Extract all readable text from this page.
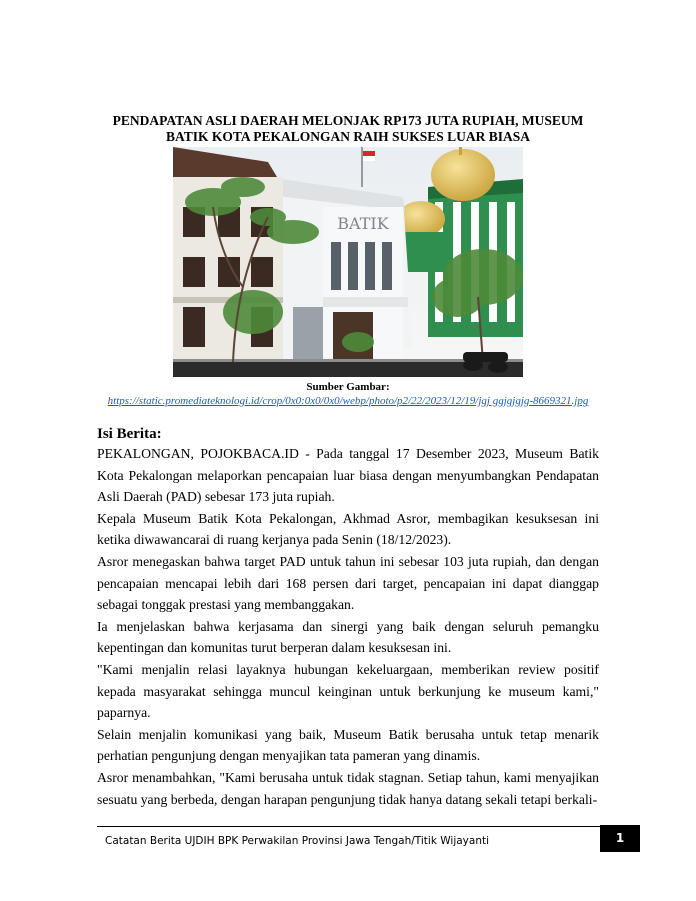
PENDAPATAN ASLI DAERAH MELONJAK RP173 JUTA RUPIAH, MUSEUM BATIK KOTA PEKALONGAN RAIH SUKSES LUAR BIASA
BATIK
Sumber Gambar:
https://static.promediateknologi.id/crop/0x0:0x0/0x0/webp/photo/p2/22/2023/12/19/jgj ggjgjgjg-8669321.jpg
Isi Berita:

PEKALONGAN, POJOKBACA.ID - Pada tanggal 17 Desember 2023, Museum Batik Kota Pekalongan melaporkan pencapaian luar biasa dengan menyumbangkan Pendapatan Asli Daerah (PAD) sebesar 173 juta rupiah.

Kepala Museum Batik Kota Pekalongan, Akhmad Asror, membagikan kesuksesan ini ketika diwawancarai di ruang kerjanya pada Senin (18/12/2023).

Asror menegaskan bahwa target PAD untuk tahun ini sebesar 103 juta rupiah, dan dengan pencapaian mencapai lebih dari 168 persen dari target, pencapaian ini dapat dianggap sebagai tonggak prestasi yang membanggakan.

Ia menjelaskan bahwa kerjasama dan sinergi yang baik dengan seluruh pemangku kepentingan dan komunitas turut berperan dalam kesuksesan ini.

"Kami menjalin relasi layaknya hubungan kekeluargaan, memberikan review positif kepada masyarakat sehingga muncul keinginan untuk berkunjung ke museum kami," paparnya.

Selain menjalin komunikasi yang baik, Museum Batik berusaha untuk tetap menarik perhatian pengunjung dengan menyajikan tata pameran yang dinamis.

Asror menambahkan, "Kami berusaha untuk tidak stagnan. Setiap tahun, kami menyajikan sesuatu yang berbeda, dengan harapan pengunjung tidak hanya datang sekali tetapi berkali-

Catatan Berita UJDIH BPK Perwakilan Provinsi Jawa Tengah/Titik Wijayanti	1
